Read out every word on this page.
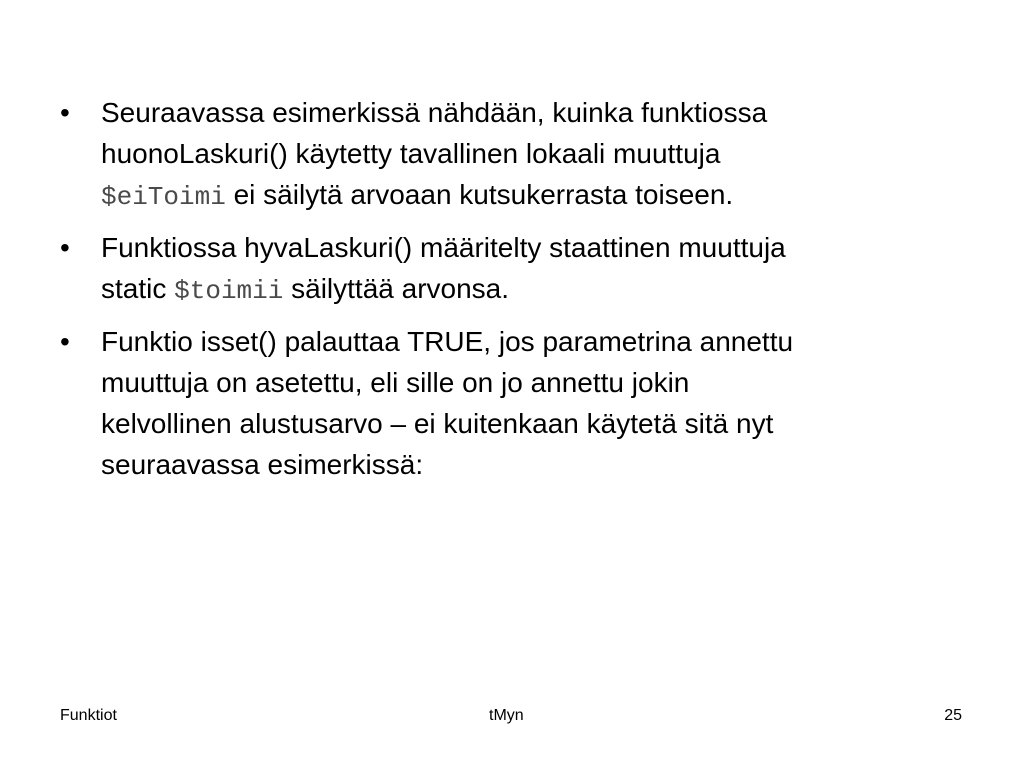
•	Seuraavassa esimerkissä nähdään, kuinka funktiossa
huonoLaskuri() käytetty tavallinen lokaali muuttuja
$eiToimi ei säilytä arvoaan kutsukerrasta toiseen.
•	Funktiossa hyvaLaskuri() määritelty staattinen muuttuja
static $toimii säilyttää arvonsa.
•	Funktio isset() palauttaa TRUE, jos parametrina annettu
muuttuja on asetettu, eli sille on jo annettu jokin
kelvollinen alustusarvo – ei kuitenkaan käytetä sitä nyt
seuraavassa esimerkissä:
Funktiot	tMyn	25
